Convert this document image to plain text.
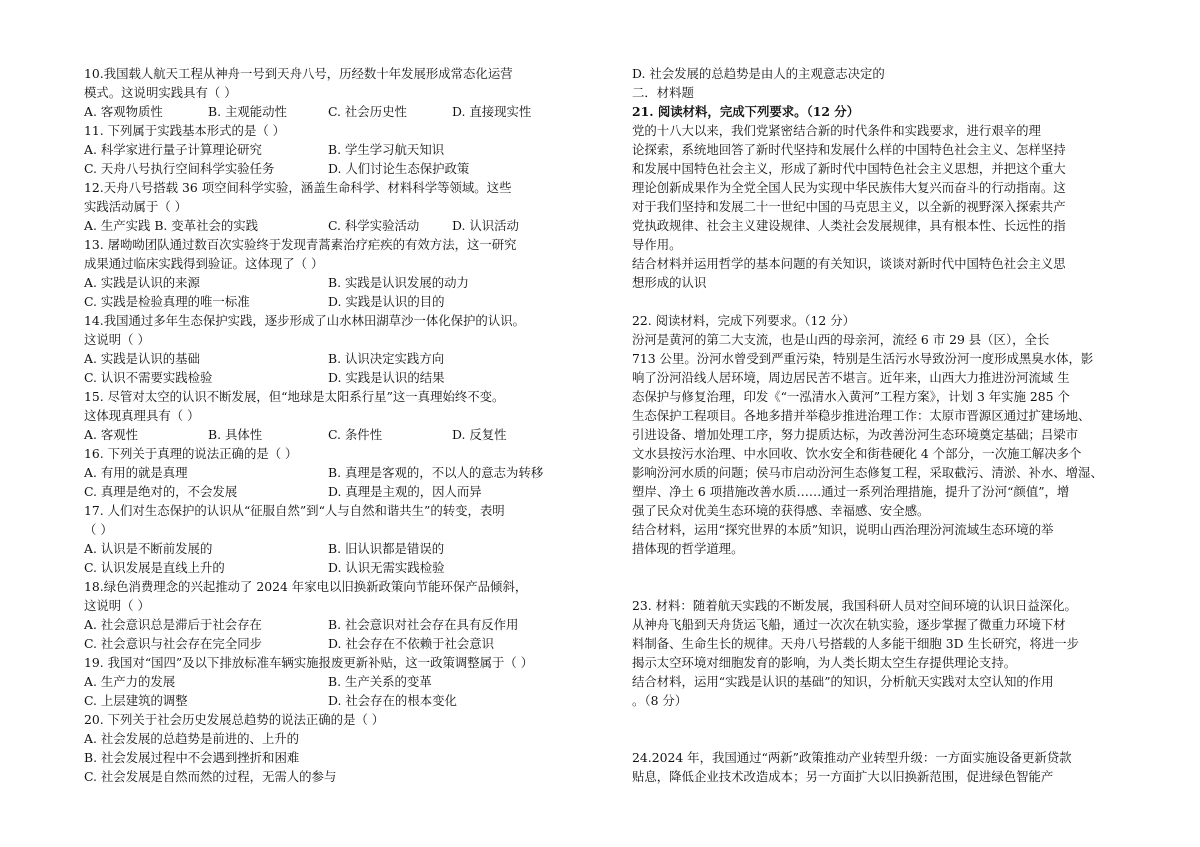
10.我国载人航天工程从神舟一号到天舟八号，历经数十年发展形成常态化运营
模式。这说明实践具有（ ）
A. 客观物质性	B. 主观能动性	C. 社会历史性	D. 直接现实性
11. 下列属于实践基本形式的是（ ）
A. 科学家进行量子计算理论研究	B. 学生学习航天知识
C. 天舟八号执行空间科学实验任务	D. 人们讨论生态保护政策
12.天舟八号搭载 36 项空间科学实验，涵盖生命科学、材料科学等领域。这些
实践活动属于（ ）
A. 生产实践 B. 变革社会的实践	C. 科学实验活动	D. 认识活动
13. 屠呦呦团队通过数百次实验终于发现青蒿素治疗疟疾的有效方法，这一研究
成果通过临床实践得到验证。这体现了（ ）
A. 实践是认识的来源	B. 实践是认识发展的动力
C. 实践是检验真理的唯一标准	D. 实践是认识的目的
14.我国通过多年生态保护实践，逐步形成了山水林田湖草沙一体化保护的认识。
这说明（ ）
A. 实践是认识的基础	B. 认识决定实践方向
C. 认识不需要实践检验	D. 实践是认识的结果
15. 尽管对太空的认识不断发展，但“地球是太阳系行星”这一真理始终不变。
这体现真理具有（ ）
A. 客观性	B. 具体性	C. 条件性	D. 反复性
16. 下列关于真理的说法正确的是（ ）
A. 有用的就是真理	B. 真理是客观的，不以人的意志为转移
C. 真理是绝对的，不会发展	D. 真理是主观的，因人而异
17. 人们对生态保护的认识从“征服自然”到“人与自然和谐共生”的转变，表明
（ ）
A. 认识是不断前发展的	B. 旧认识都是错误的
C. 认识发展是直线上升的	D. 认识无需实践检验
18.绿色消费理念的兴起推动了 2024 年家电以旧换新政策向节能环保产品倾斜，
这说明（ ）
A. 社会意识总是滞后于社会存在	B. 社会意识对社会存在具有反作用
C. 社会意识与社会存在完全同步	D. 社会存在不依赖于社会意识
19. 我国对“国四”及以下排放标准车辆实施报废更新补贴，这一政策调整属于（ ）
A. 生产力的发展	B. 生产关系的变革
C. 上层建筑的调整	D. 社会存在的根本变化
20. 下列关于社会历史发展总趋势的说法正确的是（ ）
A. 社会发展的总趋势是前进的、上升的
B. 社会发展过程中不会遇到挫折和困难
C. 社会发展是自然而然的过程，无需人的参与
D. 社会发展的总趋势是由人的主观意志决定的
二．材料题
21. 阅读材料，完成下列要求。（12 分）
党的十八大以来，我们党紧密结合新的时代条件和实践要求，进行艰辛的理
论探索，系统地回答了新时代坚持和发展什么样的中国特色社会主义、怎样坚持
和发展中国特色社会主义，形成了新时代中国特色社会主义思想，并把这个重大
理论创新成果作为全党全国人民为实现中华民族伟大复兴而奋斗的行动指南。这
对于我们坚持和发展二十一世纪中国的马克思主义，以全新的视野深入探索共产
党执政规律、社会主义建设规律、人类社会发展规律，具有根本性、长远性的指
导作用。
结合材料并运用哲学的基本问题的有关知识，谈谈对新时代中国特色社会主义思
想形成的认识
22. 阅读材料，完成下列要求。（12 分）
汾河是黄河的第二大支流，也是山西的母亲河，流经 6 市 29 县（区），全长
713 公里。汾河水曾受到严重污染，特别是生活污水导致汾河一度形成黑臭水体，影
响了汾河沿线人居环境，周边居民苦不堪言。近年来，山西大力推进汾河流域 生
态保护与修复治理，印发《“一泓清水入黄河”工程方案》，计划 3 年实施 285 个
生态保护工程项目。各地多措并举稳步推进治理工作：太原市晋源区通过扩建场地、
引进设备、增加处理工序，努力提质达标，为改善汾河生态环境奠定基础；吕梁市
文水县按污水治理、中水回收、饮水安全和街巷硬化 4 个部分，一次施工解决多个
影响汾河水质的问题；侯马市启动汾河生态修复工程，采取截污、清淤、补水、增湿、
塑岸、净土 6 项措施改善水质……通过一系列治理措施，提升了汾河“颜值”，增
强了民众对优美生态环境的获得感、幸福感、安全感。
结合材料，运用“探究世界的本质”知识，说明山西治理汾河流域生态环境的举
措体现的哲学道理。
23. 材料：随着航天实践的不断发展，我国科研人员对空间环境的认识日益深化。
从神舟飞船到天舟货运飞船，通过一次次在轨实验，逐步掌握了微重力环境下材
料制备、生命生长的规律。天舟八号搭载的人多能干细胞 3D 生长研究，将进一步
揭示太空环境对细胞发育的影响，为人类长期太空生存提供理论支持。
结合材料，运用“实践是认识的基础”的知识，分析航天实践对太空认知的作用
。（8 分）
24.2024 年，我国通过“两新”政策推动产业转型升级：一方面实施设备更新贷款
贴息，降低企业技术改造成本；另一方面扩大以旧换新范围，促进绿色智能产
